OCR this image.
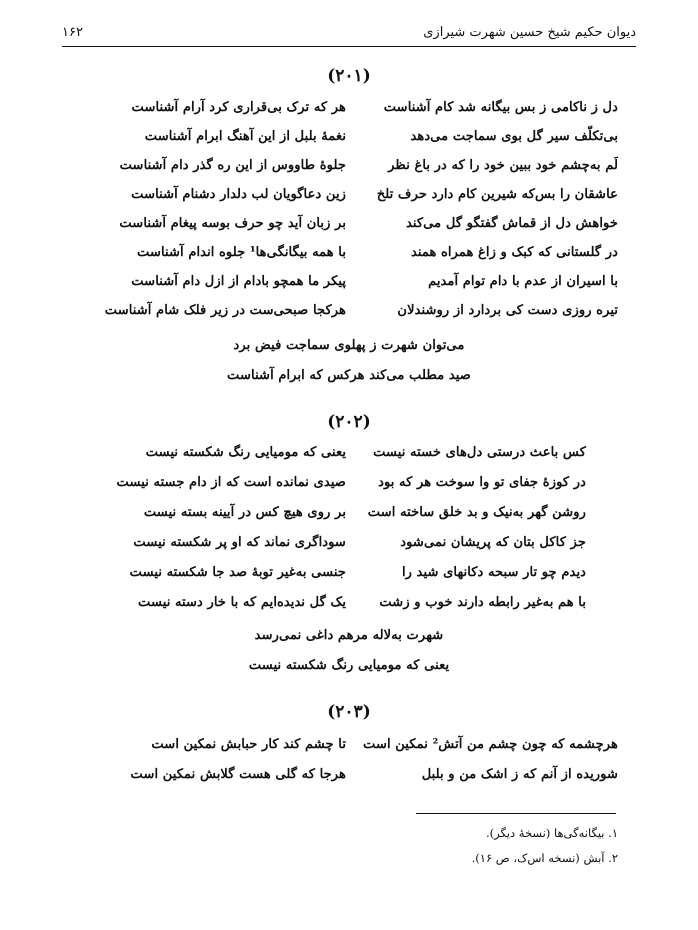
۱۶۲	دیوان حکیم شیخ حسین شهرت شیرازی
(۲۰۱)
دل ز ناکامی ز بس بیگانه شد کام آشناست
هر که ترک بی‌قراری کرد آرام آشناست
بی‌تکلّف سیر گل بوی سماجت می‌دهد
نغمهٔ بلبل از این آهنگ ابرام آشناست
لَم به‌چشم خود ببین خود را که در باغ نظر
جلوهٔ طاووس از این ره گذر دام آشناست
عاشقان را بس‌که شیرین کام دارد حرف تلخ
زین دعاگویان لب دلدار دشنام آشناست
خواهش دل از قماش گفتگو گل می‌کند
بر زبان آید چو حرف بوسه پیغام آشناست
در گلستانی که کبک و زاغ همراه همند
با همه بیگانگی‌ها¹ جلوه اندام آشناست
با اسیران از عدم با دام توام آمدیم
پیکر ما همچو بادام از ازل دام آشناست
تیره روزی دست کی بردارد از روشندلان
هرکجا صبحی‌ست در زیر فلک شام آشناست
می‌توان شهرت ز پهلوی سماجت فیض برد
صید مطلب می‌کند هرکس که ابرام آشناست
(۲۰۲)
کس باعث درستی دل‌های خسته نیست
یعنی که مومیایی رنگ شکسته نیست
در کوزهٔ جفای تو وا سوخت هر که بود
صیدی نمانده است که از دام جسته نیست
روشن گهر به‌نیک و بد خلق ساخته است
بر روی هیچ کس در آیینه بسته نیست
جز کاکل بتان که پریشان نمی‌شود
سوداگری نماند که او پر شکسته نیست
دیدم چو تار سبحه دکانهای شید را
جنسی به‌غیر توبهٔ صد جا شکسته نیست
با هم به‌غیر رابطه دارند خوب و زشت
یک گل ندیده‌ایم که با خار دسته نیست
شهرت به‌لاله مرهم داغی نمی‌رسد
یعنی که مومیایی رنگ شکسته نیست
(۲۰۳)
هرچشمه که چون چشم من آتش² نمکین است
تا چشم کند کار حبابش نمکین است
شوریده از آنم که ز اشک من و بلبل
هرجا که گلی هست گلابش نمکین است
۱. بیگانه‌گی‌ها (نسخهٔ دیگر).
۲. آبش (نسخه اس‌ک، ص ۱۶).
